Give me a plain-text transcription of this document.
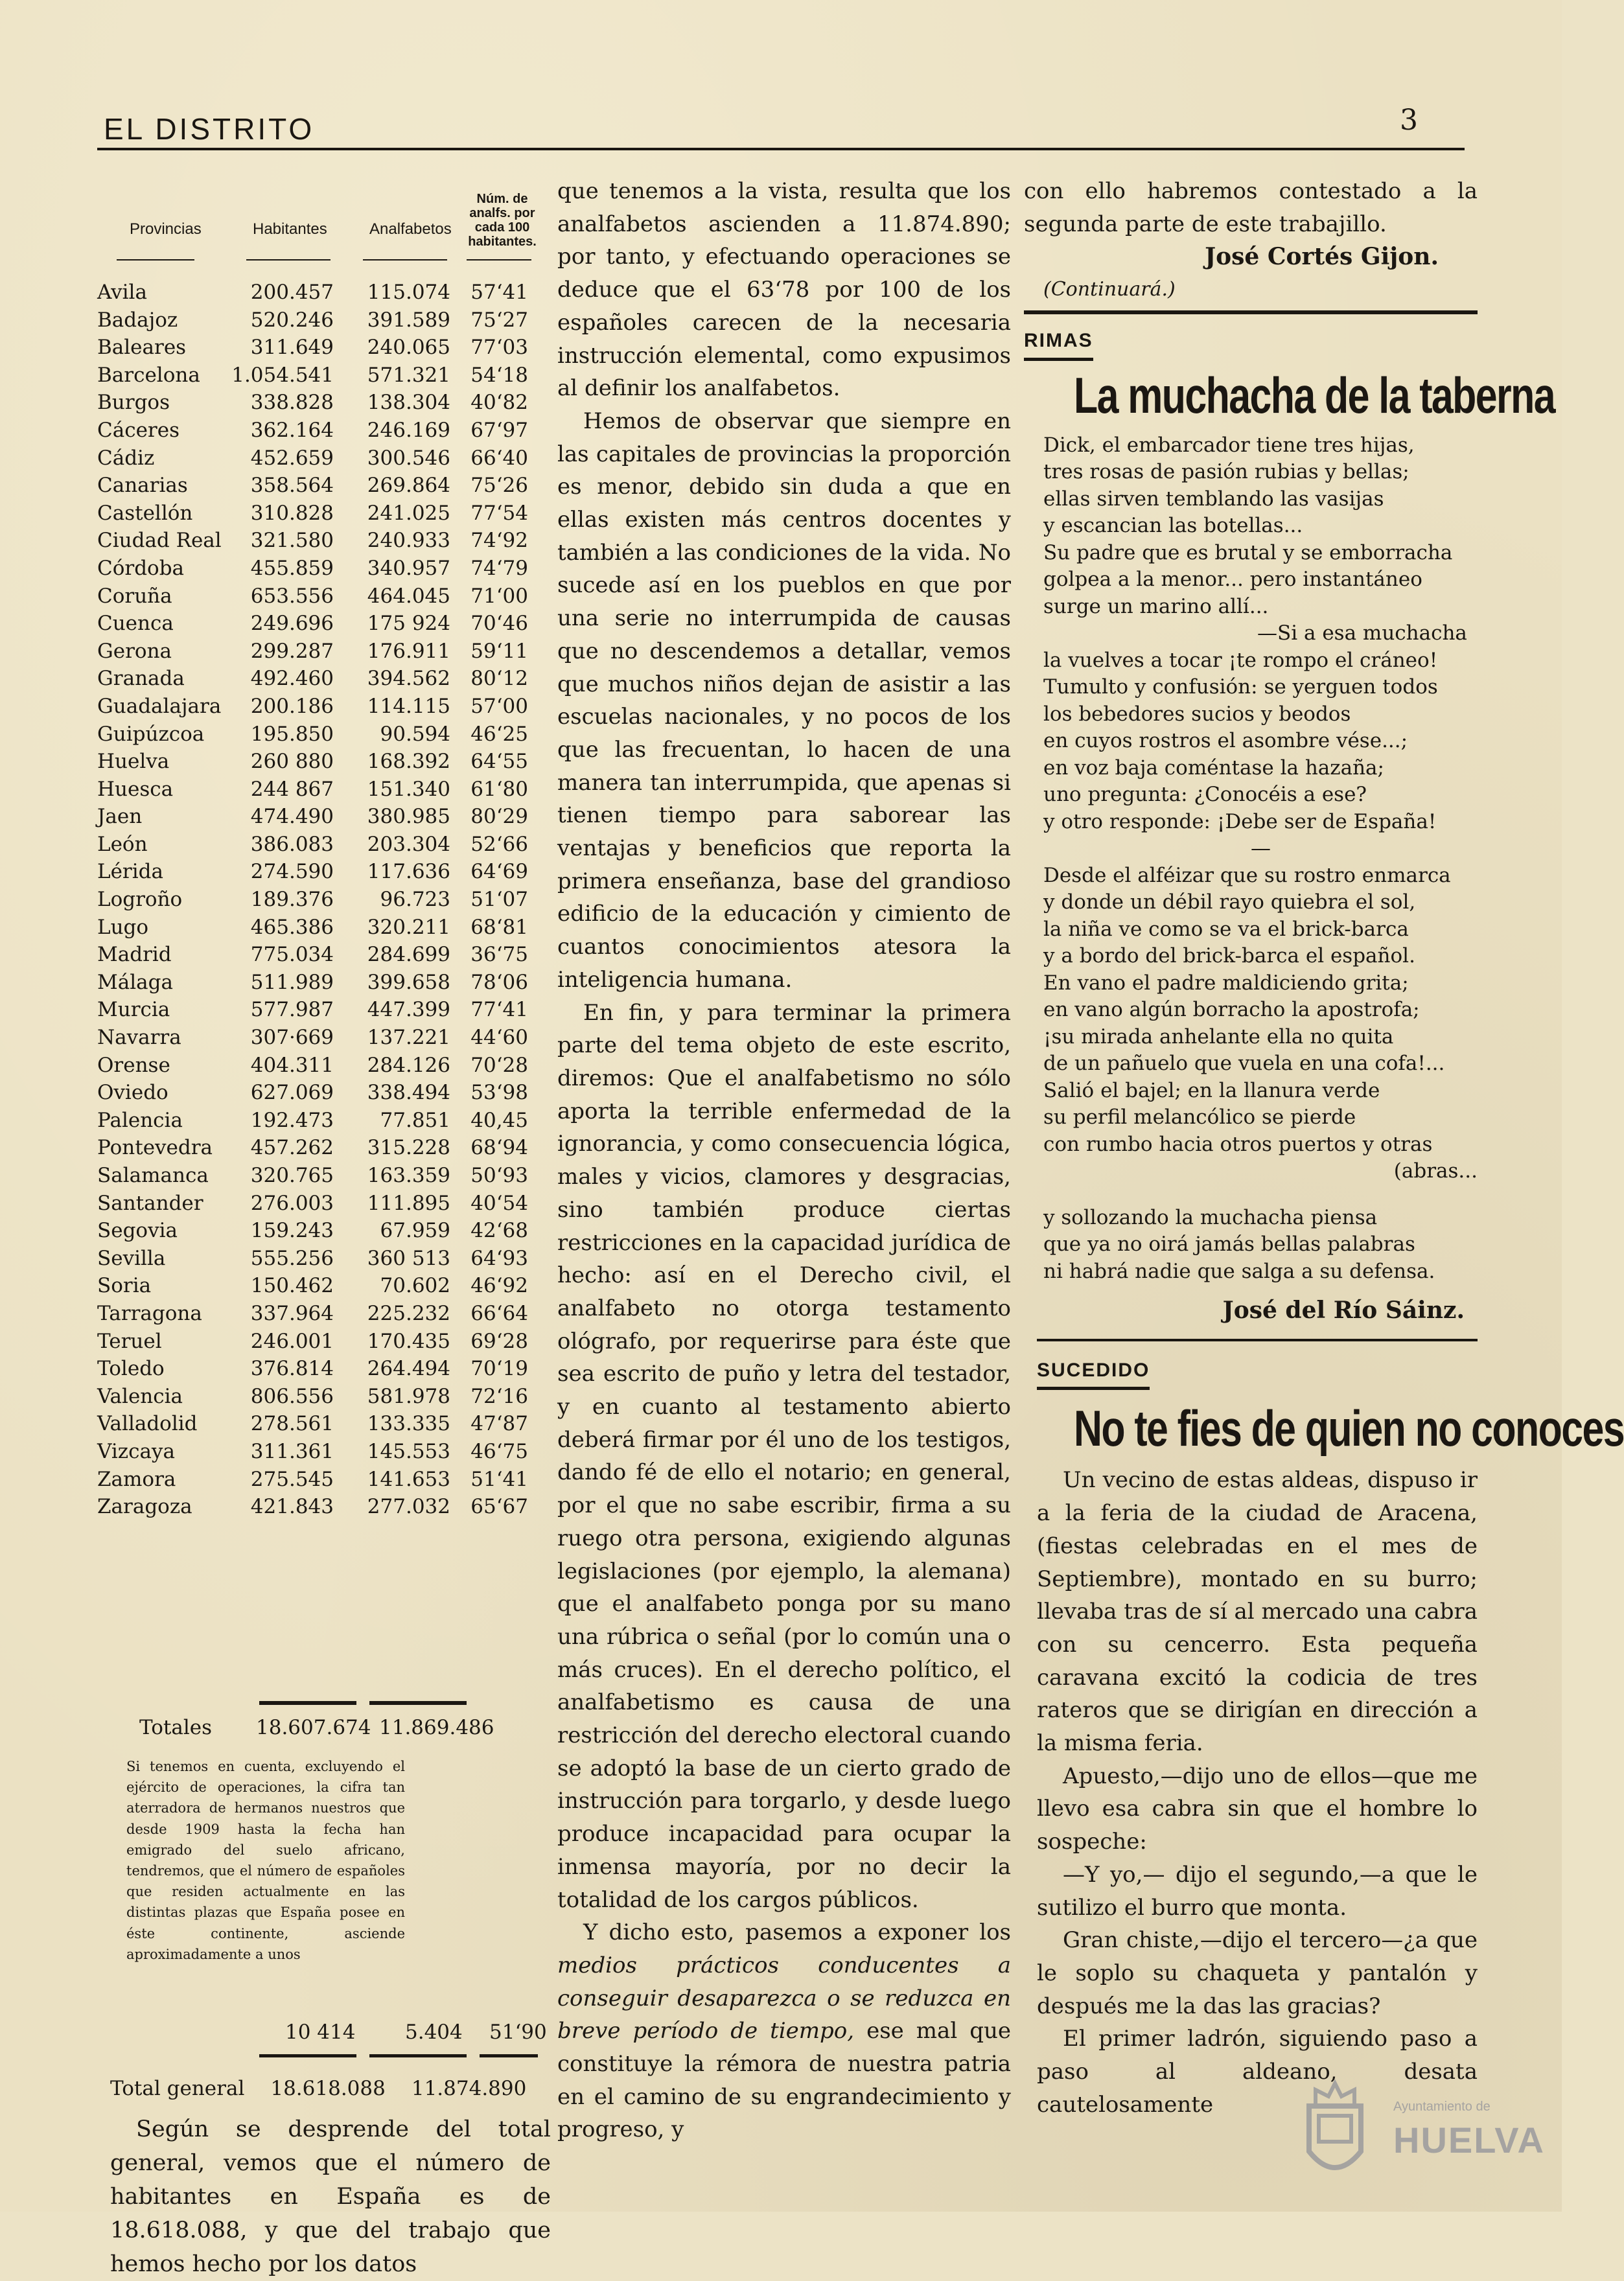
EL DISTRITO	3
Provincias	Habitantes	Analfabetos
Núm. de analfs. por cada 100 habitantes.
Avila	200.457	115.074 57‘41
Badajoz	520.246	391.589 75‘27
Baleares	311.649	240.065 77‘03
Barcelona 1.054.541	571.321 54‘18
Burgos	338.828	138.304 40‘82
Cáceres	362.164	246.169 67‘97
Cádiz	452.659	300.546 66‘40
Canarias	358.564	269.864 75‘26
Castellón	310.828	241.025 77‘54
Ciudad Real	321.580	240.933 74‘92
Córdoba	455.859	340.957 74‘79
Coruña	653.556	464.045 71‘00
Cuenca	249.696	175 924 70‘46
Gerona	299.287	176.911 59‘11
Granada	492.460	394.562 80‘12
Guadalajara	200.186	114.115 57‘00
Guipúzcoa	195.850	90.594 46‘25
Huelva	260 880	168.392 64‘55
Huesca	244 867	151.340 61‘80
Jaen	474.490	380.985 80‘29
León	386.083	203.304 52‘66
Lérida	274.590	117.636 64‘69
Logroño	189.376	96.723 51‘07
Lugo	465.386	320.211 68‘81
Madrid	775.034	284.699 36‘75
Málaga	511.989	399.658 78‘06
Murcia	577.987	447.399 77‘41
Navarra	307·669	137.221 44‘60
Orense	404.311	284.126 70‘28
Oviedo	627.069	338.494 53‘98
Palencia	192.473	77.851 40,45
Pontevedra	457.262	315.228 68‘94
Salamanca	320.765	163.359 50‘93
Santander	276.003	111.895 40‘54
Segovia	159.243	67.959 42‘68
Sevilla	555.256	360 513 64‘93
Soria	150.462	70.602 46‘92
Tarragona	337.964	225.232 66‘64
Teruel	246.001	170.435 69‘28
Toledo	376.814	264.494 70‘19
Valencia	806.556	581.978 72‘16
Valladolid	278.561	133.335 47‘87
Vizcaya	311.361	145.553 46‘75
Zamora	275.545	141.653 51‘41
Zaragoza	421.843	277.032 65‘67
Totales 18.607.674 11.869.486
Si tenemos en cuenta, excluyendo el ejército de operaciones, la cifra tan aterradora de hermanos nuestros que desde 1909 hasta la fecha han emigrado del suelo africano, tendremos, que el número de españoles que residen actualmente en las distintas plazas que España posee en éste continente, asciende aproximadamente a unos
10 414 5.404 51‘90
Total general 18.618.088 11.874.890

Según se desprende del total general, vemos que el número de habitantes en España es de 18.618.088, y que del trabajo que hemos hecho por los datos

que tenemos a la vista, resulta que los analfabetos ascienden a 11.874.890; por tanto, y efectuando operaciones se deduce que el 63‘78 por 100 de los españoles carecen de la necesaria instrucción elemental, como expusimos al definir los analfabetos.

Hemos de observar que siempre en las capitales de provincias la proporción es menor, debido sin duda a que en ellas existen más centros docentes y también a las condiciones de la vida. No sucede así en los pueblos en que por una serie no interrumpida de causas que no descendemos a detallar, vemos que muchos niños dejan de asistir a las escuelas nacionales, y no pocos de los que las frecuentan, lo hacen de una manera tan interrumpida, que apenas si tienen tiempo para saborear las ventajas y beneficios que reporta la primera enseñanza, base del grandioso edificio de la educación y cimiento de cuantos conocimientos atesora la inteligencia humana.

En fin, y para terminar la primera parte del tema objeto de este escrito, diremos: Que el analfabetismo no sólo aporta la terrible enfermedad de la ignorancia, y como consecuencia lógica, males y vicios, clamores y desgracias, sino también produce ciertas restricciones en la capacidad jurídica de hecho: así en el Derecho civil, el analfabeto no otorga testamento ológrafo, por requerirse para éste que sea escrito de puño y letra del testador, y en cuanto al testamento abierto deberá firmar por él uno de los testigos, dando fé de ello el notario; en general, por el que no sabe escribir, firma a su ruego otra persona, exigiendo algunas legislaciones (por ejemplo, la alemana) que el analfabeto ponga por su mano una rúbrica o señal (por lo común una o más cruces). En el derecho político, el analfabetismo es causa de una restricción del derecho electoral cuando se adoptó la base de un cierto grado de instrucción para torgarlo, y desde luego produce incapacidad para ocupar la inmensa mayoría, por no decir la totalidad de los cargos públicos.

Y dicho esto, pasemos a exponer los medios prácticos conducentes a conseguir desaparezca o se reduzca en breve período de tiempo, ese mal que constituye la rémora de nuestra patria en el camino de su engrandecimiento y progreso, y

con ello habremos contestado a la segunda parte de este trabajillo.
José Cortés Gijon.
(Continuará.)
RIMAS
La muchacha de la taberna
Dick, el embarcador tiene tres hijas,
tres rosas de pasión rubias y bellas;
ellas sirven temblando las vasijas
y escancian las botellas...
Su padre que es brutal y se emborracha
golpea a la menor... pero instantáneo
surge un marino allí...
—Si a esa muchacha
la vuelves a tocar ¡te rompo el cráneo!
Tumulto y confusión: se yerguen todos
los bebedores sucios y beodos
en cuyos rostros el asombre vése...;
en voz baja coméntase la hazaña;
uno pregunta: ¿Conocéis a ese?
y otro responde: ¡Debe ser de España!
—
Desde el alféizar que su rostro enmarca
y donde un débil rayo quiebra el sol,
la niña ve como se va el brick-barca
y a bordo del brick-barca el español.
En vano el padre maldiciendo grita;
en vano algún borracho la apostrofa;
¡su mirada anhelante ella no quita
de un pañuelo que vuela en una cofa!...
Salió el bajel; en la llanura verde
su perfil melancólico se pierde
con rumbo hacia otros puertos y otras
(abras...
y sollozando la muchacha piensa
que ya no oirá jamás bellas palabras
ni habrá nadie que salga a su defensa.
José del Río Sáinz.
SUCEDIDO
No te fies de quien no conoces

Un vecino de estas aldeas, dispuso ir a la feria de la ciudad de Aracena, (fiestas celebradas en el mes de Septiembre), montado en su burro; llevaba tras de sí al mercado una cabra con su cencerro. Esta pequeña caravana excitó la codicia de tres rateros que se dirigían en dirección a la misma feria.

Apuesto,—dijo uno de ellos—que me llevo esa cabra sin que el hombre lo sospeche:

—Y yo,— dijo el segundo,—a que le sutilizo el burro que monta.

Gran chiste,—dijo el tercero—¿a que le soplo su chaqueta y pantalón y después me la das las gracias?

El primer ladrón, siguiendo paso a paso al aldeano, desata cautelosamente	Ayuntamiento de
HUELVA
